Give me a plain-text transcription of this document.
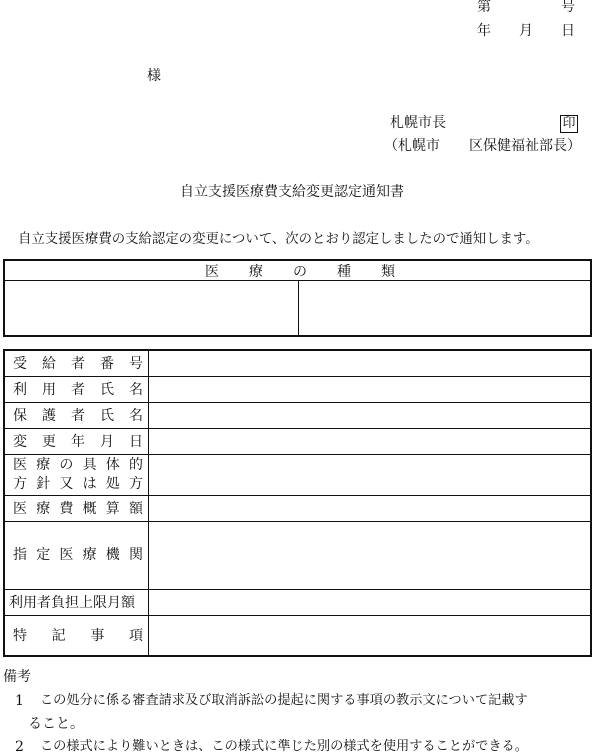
第	号
年 月 日
様
札幌市長	印
（札幌市 区保健福祉部長）
自立支援医療費支給変更認定通知書
自立支援医療費の支給認定の変更について、次のとおり認定しましたので通知します。
医 療 の 種 類
受 給 者 番 号
利 用 者 氏 名
保 護 者 氏 名
変 更 年 月 日
医 療 の 具 体 的
方 針 又 は 処 方
医 療 費 概 算 額
指 定 医 療 機 関
利用者負担上限月額
特 記 事 項
備考
1 この処分に係る審査請求及び取消訴訟の提起に関する事項の教示文について記載す
ること。
2 この様式により難いときは、この様式に準じた別の様式を使用することができる。
